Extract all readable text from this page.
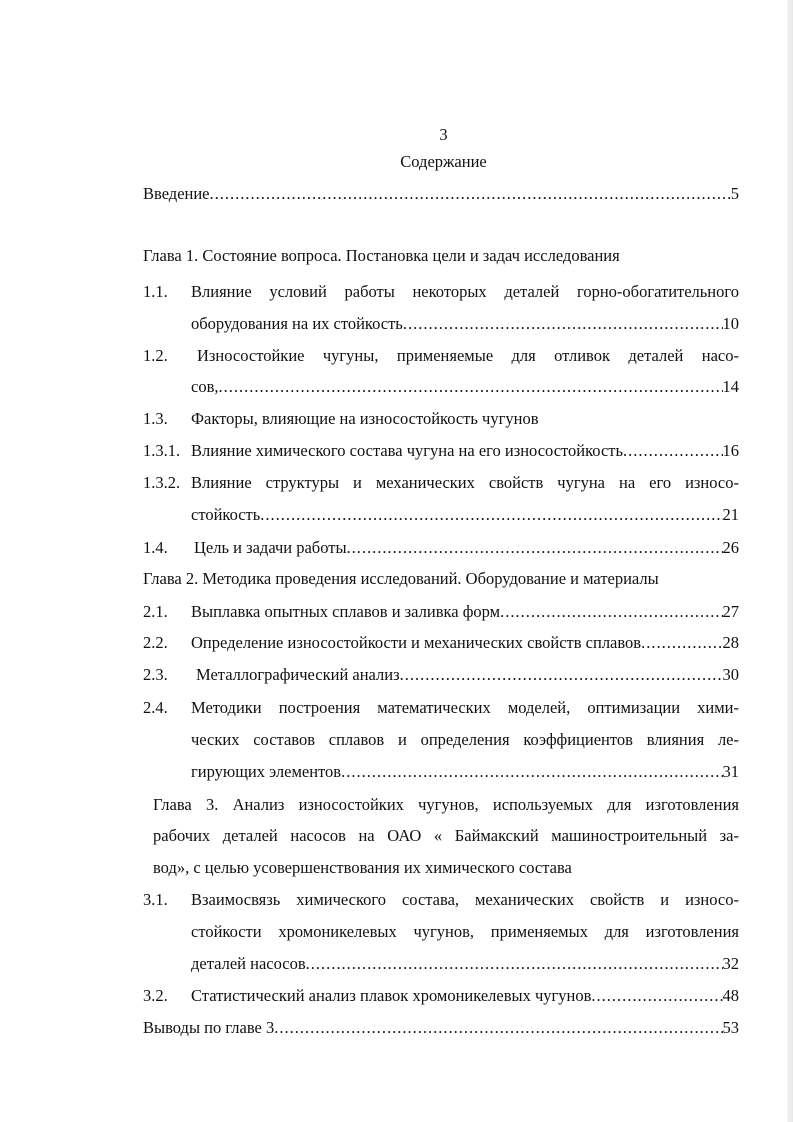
3
Содержание
Введение .....	5
Глава 1. Состояние вопроса. Постановка цели и задач исследования
1.1.	Влияние условий работы некоторых деталей горно-обогатительного
оборудования на их стойкость .....	10
1.2.	Износостойкие чугуны, применяемые для отливок деталей насо-
сов, .....	14
1.3.	Факторы, влияющие на износостойкость чугунов
1.3.1. Влияние химического состава чугуна на его износостойкость .....	16
1.3.2. Влияние структуры и механических свойств чугуна на его износо-
стойкость .....	21
1.4.	Цель и задачи работы .....	26
Глава 2. Методика проведения исследований. Оборудование и материалы
2.1.	Выплавка опытных сплавов и заливка форм .....	27
2.2.	Определение износостойкости и механических свойств сплавов .....	28
2.3.	Металлографический анализ .....	30
2.4.	Методики построения математических моделей, оптимизации хими-
ческих составов сплавов и определения коэффициентов влияния ле-
гирующих элементов .....	31
Глава 3. Анализ износостойких чугунов, используемых для изготовления
рабочих деталей насосов на ОАО « Баймакский машиностроительный за-
вод», с целью усовершенствования их химического состава
3.1.	Взаимосвязь химического состава, механических свойств и износо-
стойкости хромоникелевых чугунов, применяемых для изготовления
деталей насосов .....	32
3.2.	Статистический анализ плавок хромоникелевых чугунов .....	48
Выводы по главе 3 .....	53
